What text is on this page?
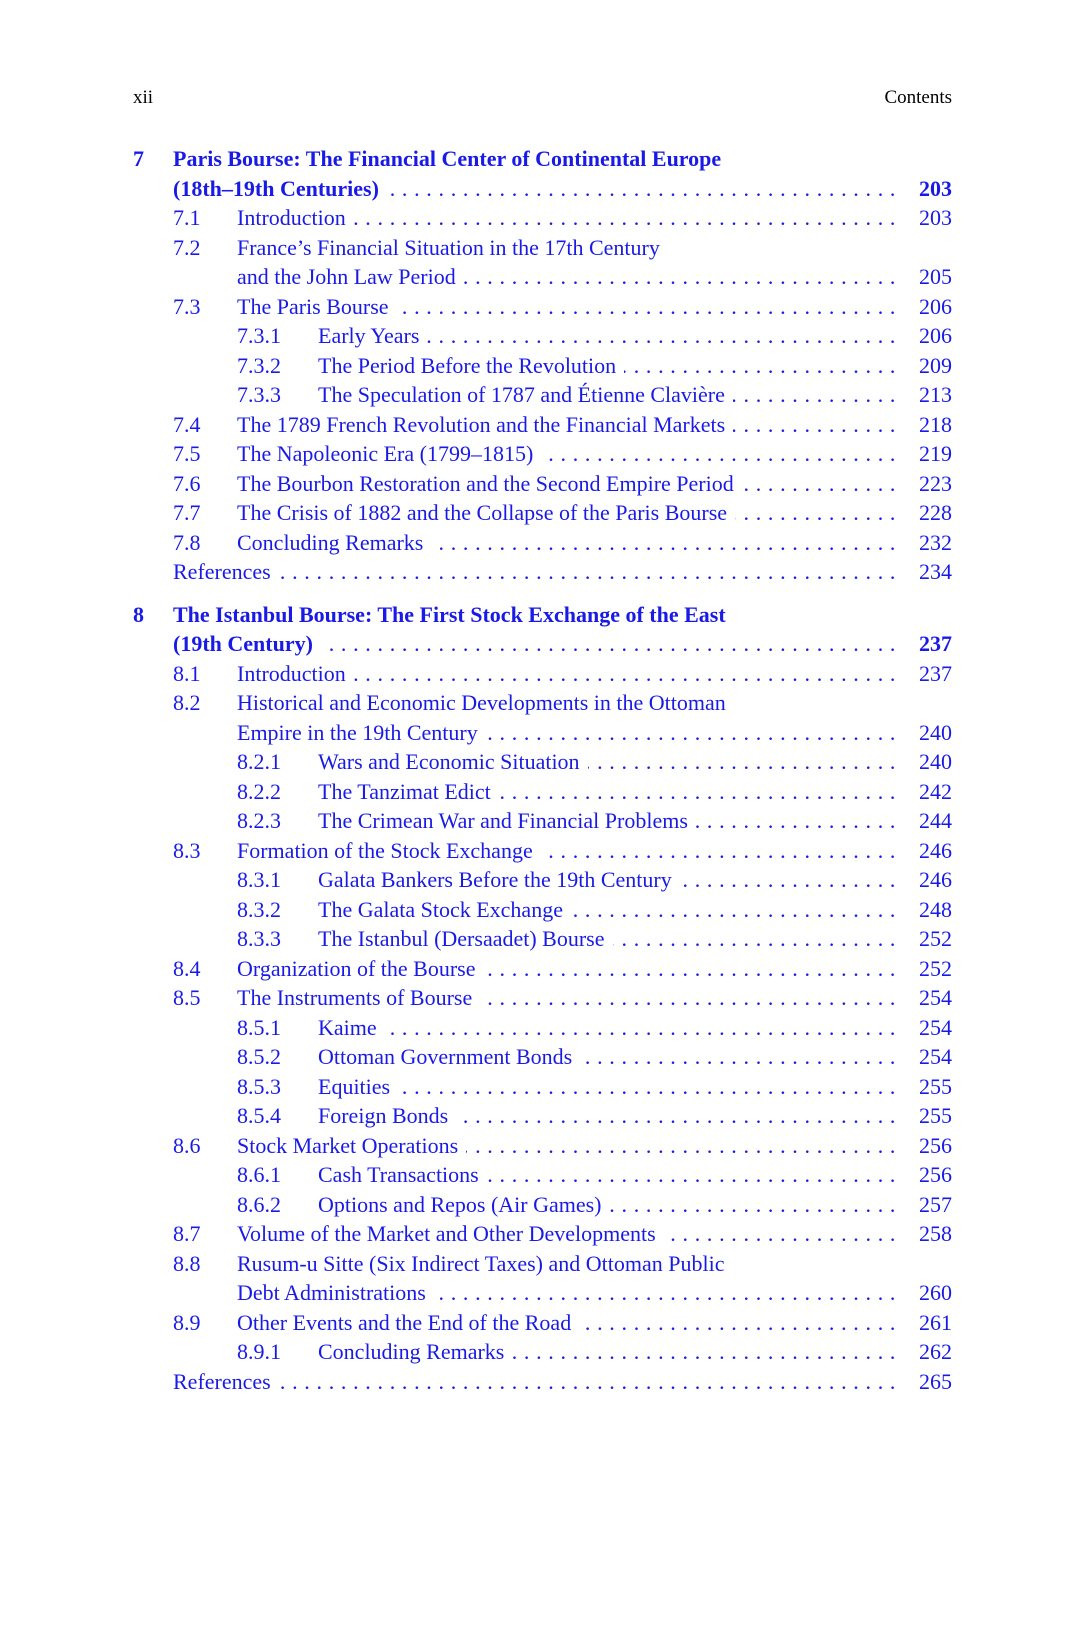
xii	Contents
7 Paris Bourse: The Financial Center of Continental Europe
(18th–19th Centuries) . . .	203
7.1 Introduction . . .	203
7.2 France’s Financial Situation in the 17th Century
and the John Law Period . . .	205
7.3 The Paris Bourse . . .	206
7.3.1 Early Years . . .	206
7.3.2 The Period Before the Revolution . . .	209
7.3.3 The Speculation of 1787 and Étienne Clavière . . .	213
7.4 The 1789 French Revolution and the Financial Markets . . .	218
7.5 The Napoleonic Era (1799–1815) . . .	219
7.6 The Bourbon Restoration and the Second Empire Period . . .	223
7.7 The Crisis of 1882 and the Collapse of the Paris Bourse . . .	228
7.8 Concluding Remarks . . .	232
References . . .	234
8 The Istanbul Bourse: The First Stock Exchange of the East
(19th Century) . . .	237
8.1 Introduction . . .	237
8.2 Historical and Economic Developments in the Ottoman
Empire in the 19th Century . . .	240
8.2.1 Wars and Economic Situation . . .	240
8.2.2 The Tanzimat Edict . . .	242
8.2.3 The Crimean War and Financial Problems . . .	244
8.3 Formation of the Stock Exchange . . .	246
8.3.1 Galata Bankers Before the 19th Century . . .	246
8.3.2 The Galata Stock Exchange . . .	248
8.3.3 The Istanbul (Dersaadet) Bourse . . .	252
8.4 Organization of the Bourse . . .	252
8.5 The Instruments of Bourse . . .	254
8.5.1 Kaime . . .	254
8.5.2 Ottoman Government Bonds . . .	254
8.5.3 Equities . . .	255
8.5.4 Foreign Bonds . . .	255
8.6 Stock Market Operations . . .	256
8.6.1 Cash Transactions . . .	256
8.6.2 Options and Repos (Air Games) . . .	257
8.7 Volume of the Market and Other Developments . . .	258
8.8 Rusum-u Sitte (Six Indirect Taxes) and Ottoman Public
Debt Administrations . . .	260
8.9 Other Events and the End of the Road . . .	261
8.9.1 Concluding Remarks . . .	262
References . . .	265
